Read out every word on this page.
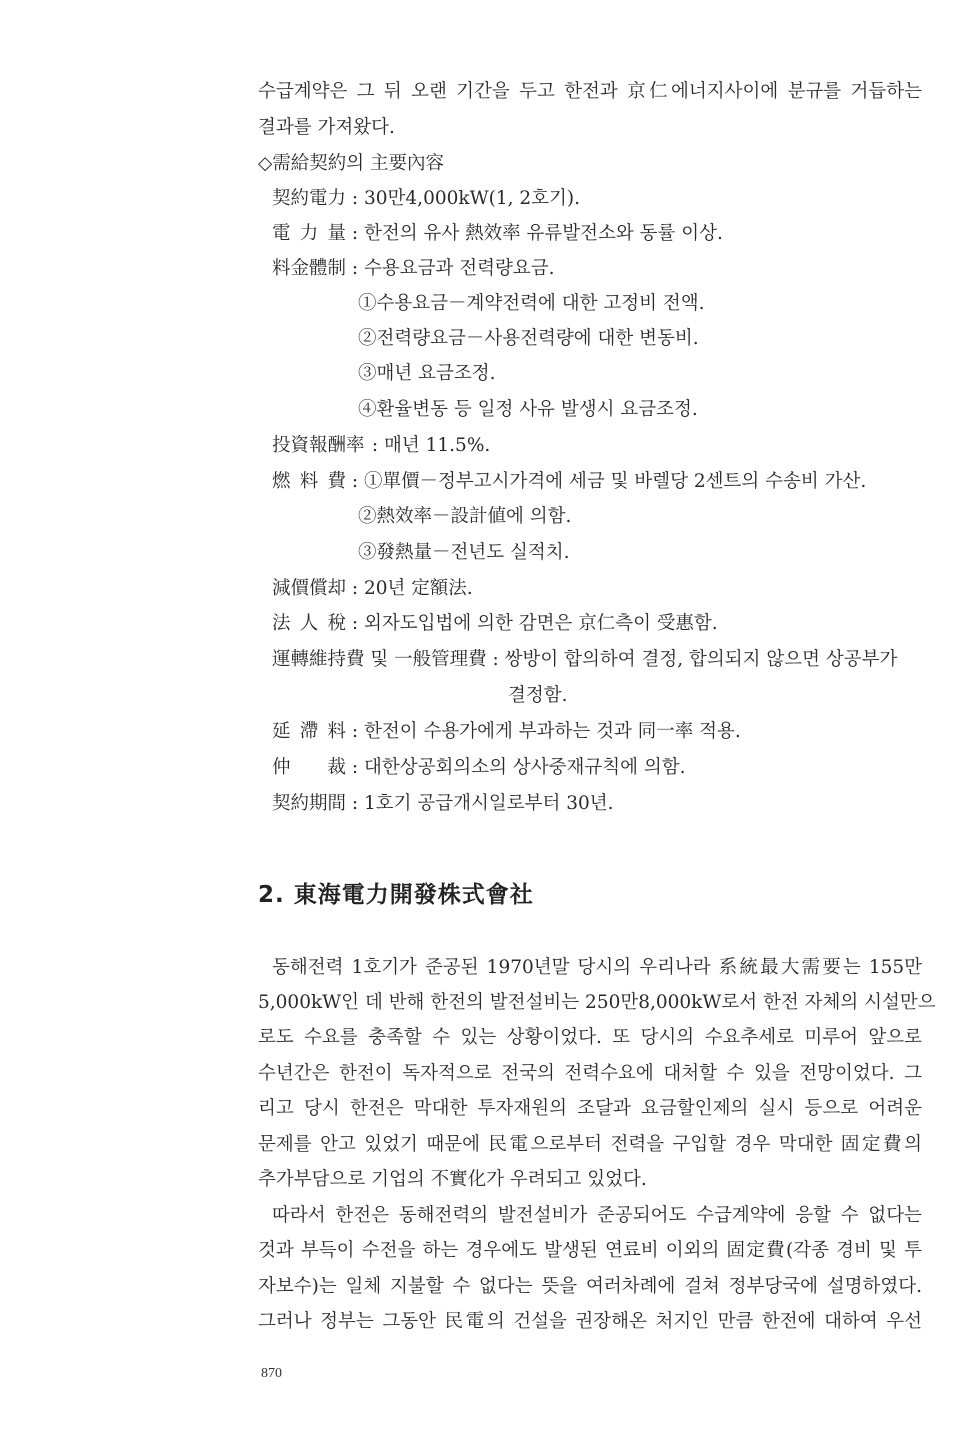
수급계약은 그 뒤 오랜 기간을 두고 한전과 京仁에너지사이에 분규를 거듭하는

결과를 가져왔다.

◇需給契約의 主要內容

契約電力 : 30만4,000kW(1, 2호기).

電 力 量 : 한전의 유사 熱效率 유류발전소와 동률 이상.

料金體制 : 수용요금과 전력량요금.

①수용요금－계약전력에 대한 고정비 전액.

②전력량요금－사용전력량에 대한 변동비.

③매년 요금조정.

④환율변동 등 일정 사유 발생시 요금조정.

投資報酬率 : 매년 11.5%.

燃 料 費 : ①單價－정부고시가격에 세금 및 바렐당 2센트의 수송비 가산.

②熱效率－設計値에 의함.

③發熱量－전년도 실적치.

減價償却 : 20년 定額法.

法 人 稅 : 외자도입법에 의한 감면은 京仁측이 受惠함.

運轉維持費 및 一般管理費 : 쌍방이 합의하여 결정, 합의되지 않으면 상공부가

결정함.

延 滯 料 : 한전이 수용가에게 부과하는 것과 同一率 적용.

仲 裁 : 대한상공회의소의 상사중재규칙에 의함.

契約期間 : 1호기 공급개시일로부터 30년.

2. 東海電力開發株式會社

동해전력 1호기가 준공된 1970년말 당시의 우리나라 系統最大需要는 155만

5,000kW인 데 반해 한전의 발전설비는 250만8,000kW로서 한전 자체의 시설만으

로도 수요를 충족할 수 있는 상황이었다. 또 당시의 수요추세로 미루어 앞으로

수년간은 한전이 독자적으로 전국의 전력수요에 대처할 수 있을 전망이었다. 그

리고 당시 한전은 막대한 투자재원의 조달과 요금할인제의 실시 등으로 어려운

문제를 안고 있었기 때문에 民電으로부터 전력을 구입할 경우 막대한 固定費의

추가부담으로 기업의 不實化가 우려되고 있었다.

따라서 한전은 동해전력의 발전설비가 준공되어도 수급계약에 응할 수 없다는

것과 부득이 수전을 하는 경우에도 발생된 연료비 이외의 固定費(각종 경비 및 투

자보수)는 일체 지불할 수 없다는 뜻을 여러차례에 걸쳐 정부당국에 설명하였다.

그러나 정부는 그동안 民電의 건설을 권장해온 처지인 만큼 한전에 대하여 우선

870
